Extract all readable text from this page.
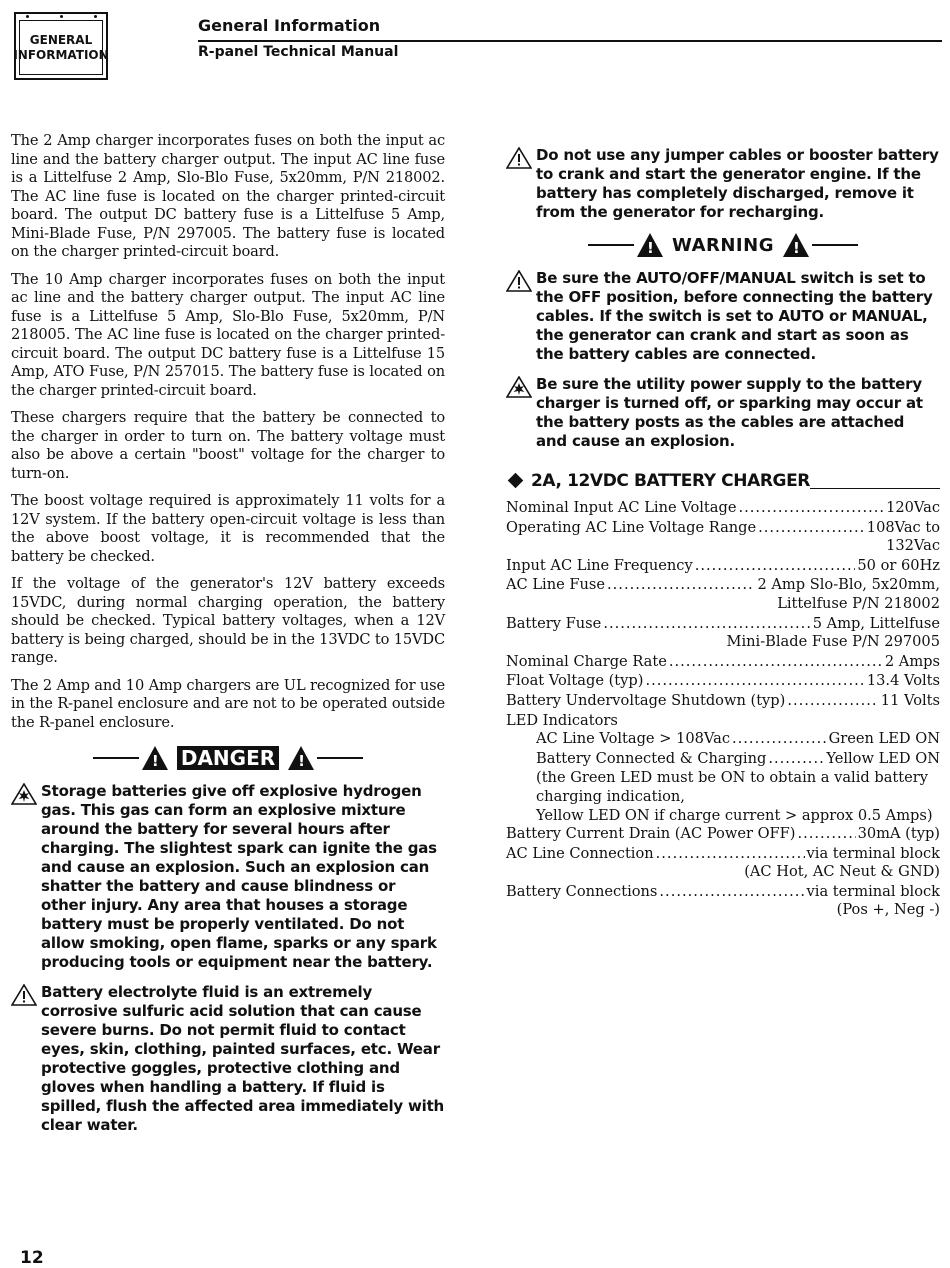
GENERAL
INFORMATION
General Information
R-panel Technical Manual

The 2 Amp charger incorporates fuses on both the input ac line and the battery charger output. The input AC line fuse is a Littelfuse 2 Amp, Slo-Blo Fuse, 5x20mm, P/N 218002. The AC line fuse is located on the charger printed-circuit board. The output DC battery fuse is a Littelfuse 5 Amp, Mini-Blade Fuse, P/N 297005. The battery fuse is located on the charger printed-circuit board.

The 10 Amp charger incorporates fuses on both the input ac line and the battery charger output. The input AC line fuse is a Littelfuse 5 Amp, Slo-Blo Fuse, 5x20mm, P/N 218005. The AC line fuse is located on the charger printed-circuit board. The output DC battery fuse is a Littelfuse 15 Amp, ATO Fuse, P/N 257015. The battery fuse is located on the charger printed-circuit board.

These chargers require that the battery be connected to the charger in order to turn on. The battery voltage must also be above a certain "boost" voltage for the charger to turn-on.

The boost voltage required is approximately 11 volts for a 12V system. If the battery open-circuit voltage is less than the above boost voltage, it is recommended that the battery be checked.

If the voltage of the generator's 12V battery exceeds 15VDC, during normal charging operation, the battery should be checked. Typical battery voltages, when a 12V battery is being charged, should be in the 13VDC to 15VDC range.

The 2 Amp and 10 Amp chargers are UL recognized for use in the R-panel enclosure and are not to be operated outside the R-panel enclosure.

!
DANGER
!
Storage batteries give off explosive hydrogen gas. This gas can form an explosive mixture around the battery for several hours after charging. The slightest spark can ignite the gas and cause an explosion. Such an explosion can shatter the battery and cause blindness or other injury. Any area that houses a storage battery must be properly ventilated. Do not allow smoking, open flame, sparks or any spark producing tools or equipment near the battery.
Battery electrolyte fluid is an extremely corrosive sulfuric acid solution that can cause severe burns. Do not permit fluid to contact eyes, skin, clothing, painted surfaces, etc. Wear protective goggles, protective clothing and gloves when handling a battery. If fluid is spilled, flush the affected area immediately with clear water.
Do not use any jumper cables or booster battery to crank and start the generator engine. If the battery has completely discharged, remove it from the generator for recharging.
!
WARNING
!
Be sure the AUTO/OFF/MANUAL switch is set to the OFF position, before connecting the battery cables. If the switch is set to AUTO or MANUAL, the generator can crank and start as soon as the battery cables are connected.
Be sure the utility power supply to the battery charger is turned off, or sparking may occur at the battery posts as the cables are attached and cause an explosion.
2A, 12VDC BATTERY CHARGER
Nominal Input AC Line Voltage .....	120Vac
Operating AC Line Voltage Range .....	108Vac to
132Vac
Input AC Line Frequency .....	50 or 60Hz
AC Line Fuse .....	2 Amp Slo-Blo, 5x20mm,
Littelfuse P/N 218002
Battery Fuse .....	5 Amp, Littelfuse
Mini-Blade Fuse P/N 297005
Nominal Charge Rate .....	2 Amps
Float Voltage (typ) .....	13.4 Volts
Battery Undervoltage Shutdown (typ) .....	11 Volts
LED Indicators
AC Line Voltage > 108Vac .....	Green LED ON
Battery Connected & Charging .....	Yellow LED ON
(the Green LED must be ON to obtain a valid battery charging indication,
Yellow LED ON if charge current > approx 0.5 Amps)
Battery Current Drain (AC Power OFF) .....	30mA (typ)
AC Line Connection .....	via terminal block
(AC Hot, AC Neut & GND)
Battery Connections .....	via terminal block
(Pos +, Neg -)
12
